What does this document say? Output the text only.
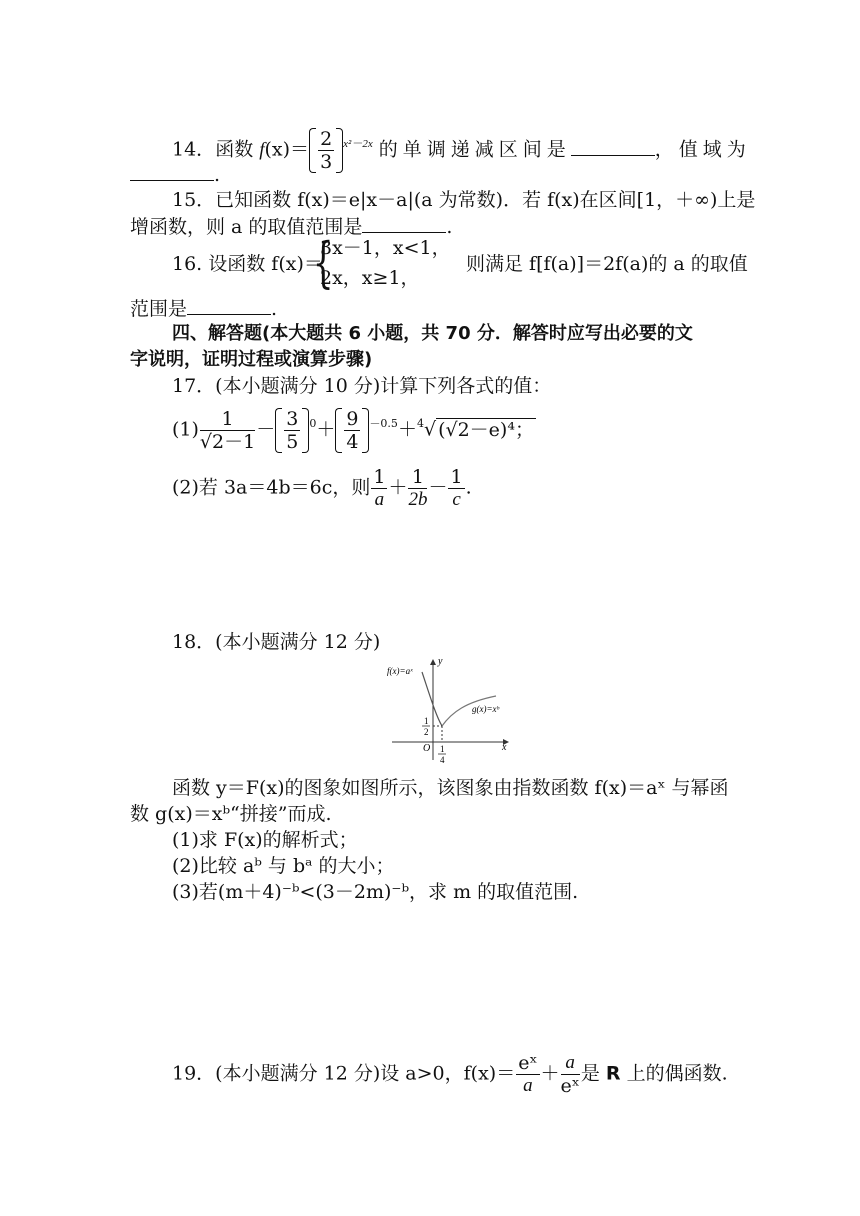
14．函数 $f(x)= \frac{2}{3} ^{x^2-2x}$ 的单调递减区间是	，值域为
.
15．已知函数 f(x)＝e|x－a|(a 为常数)．若 f(x)在区间[1，＋∞)上是
增函数，则 a 的取值范围是	.
16. 设函数 f(x)＝
{
3x－1，x<1，
2x，x≥1，
则满足 f[f(a)]＝2f(a)的 a 的取值
范围是	.
四、解答题(本大题共 6 小题，共 70 分．解答时应写出必要的文
字说明，证明过程或演算步骤)
17．(本小题满分 10 分)计算下列各式的值：
$(1) \frac{1}{√2-1} - \frac{3}{5} ^0+ \frac{9}{4} ^{-0.5}+^4√$ (√2－e)⁴；
(2)若 3a＝4b＝6c，则 $\frac{1}{a} + \frac{1}{2b} - \frac{1}{c}$ .
18．(本小题满分 12 分)
f(x)=aˣ
g(x)=xᵇ
y
x
O
1
2
1
4
函数 y＝F(x)的图象如图所示，该图象由指数函数 f(x)＝aˣ 与幂函
数 g(x)＝xᵇ“拼接”而成.
(1)求 F(x)的解析式；
(2)比较 aᵇ 与 bᵃ 的大小；
(3)若(m＋4)⁻ᵇ<(3－2m)⁻ᵇ，求 m 的取值范围.
19．(本小题满分 12 分)设 a>0，$f(x)= \frac{\text{eˣ}}{a} + \frac{a}{\text{eˣ}}$ 是 R 上的偶函数.
